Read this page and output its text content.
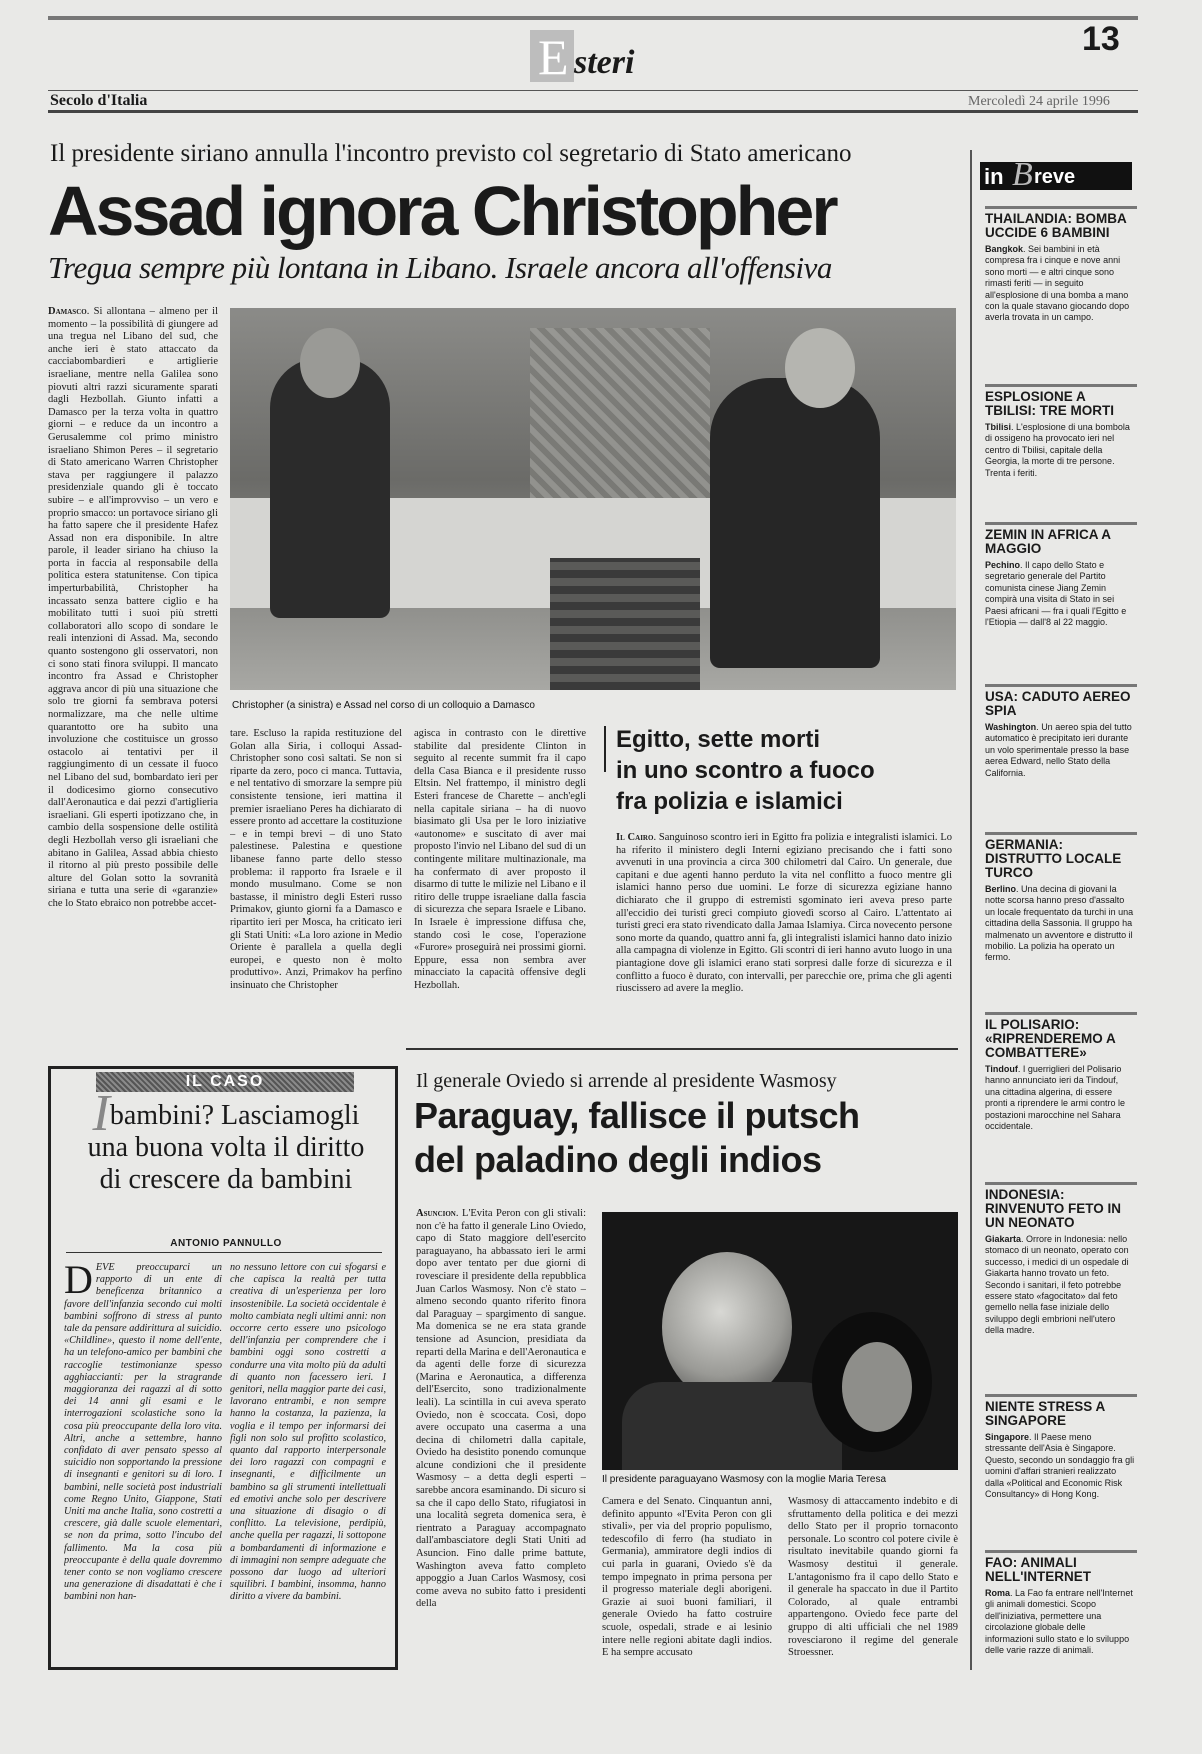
E steri
13
Secolo d'Italia	Mercoledì 24 aprile 1996
Il presidente siriano annulla l'incontro previsto col segretario di Stato americano
Assad ignora Christopher
Tregua sempre più lontana in Libano. Israele ancora all'offensiva
Damasco. Si allontana – almeno per il momento – la possibilità di giungere ad una tregua nel Libano del sud, che anche ieri è stato attaccato da cacciabombardieri e artiglierie israeliane, mentre nella Galilea sono piovuti altri razzi sicuramente sparati dagli Hezbollah. Giunto infatti a Damasco per la terza volta in quattro giorni – e reduce da un incontro a Gerusalemme col primo ministro israeliano Shimon Peres – il segretario di Stato americano Warren Christopher stava per raggiungere il palazzo presidenziale quando gli è toccato subire – e all'improvviso – un vero e proprio smacco: un portavoce siriano gli ha fatto sapere che il presidente Hafez Assad non era disponibile. In altre parole, il leader siriano ha chiuso la porta in faccia al responsabile della politica estera statunitense. Con tipica imperturbabilità, Christopher ha incassato senza battere ciglio e ha mobilitato tutti i suoi più stretti collaboratori allo scopo di sondare le reali intenzioni di Assad. Ma, secondo quanto sostengono gli osservatori, non ci sono stati finora sviluppi. Il mancato incontro fra Assad e Christopher aggrava ancor di più una situazione che solo tre giorni fa sembrava potersi normalizzare, ma che nelle ultime quarantotto ore ha subìto una involuzione che costituisce un grosso ostacolo ai tentativi per il raggiungimento di un cessate il fuoco nel Libano del sud, bombardato ieri per il dodicesimo giorno consecutivo dall'Aeronautica e dai pezzi d'artiglieria israeliani. Gli esperti ipotizzano che, in cambio della sospensione delle ostilità degli Hezbollah verso gli israeliani che abitano in Galilea, Assad abbia chiesto il ritorno al più presto possibile delle alture del Golan sotto la sovranità siriana e tutta una serie di «garanzie» che lo Stato ebraico non potrebbe accet-
Christopher (a sinistra) e Assad nel corso di un colloquio a Damasco
tare. Escluso la rapida restituzione del Golan alla Siria, i colloqui Assad-Christopher sono così saltati. Se non si riparte da zero, poco ci manca. Tuttavia, e nel tentativo di smorzare la sempre più consistente tensione, ieri mattina il premier israeliano Peres ha dichiarato di essere pronto ad accettare la costituzione – e in tempi brevi – di uno Stato palestinese. Palestina e questione libanese fanno parte dello stesso problema: il rapporto fra Israele e il mondo musulmano. Come se non bastasse, il ministro degli Esteri russo Primakov, giunto giorni fa a Damasco e ripartito ieri per Mosca, ha criticato ieri gli Stati Uniti: «La loro azione in Medio Oriente è parallela a quella degli europei, e questo non è molto produttivo». Anzi, Primakov ha perfino insinuato che Christopher
agisca in contrasto con le direttive stabilite dal presidente Clinton in seguito al recente summit fra il capo della Casa Bianca e il presidente russo Eltsin. Nel frattempo, il ministro degli Esteri francese de Charette – anch'egli nella capitale siriana – ha di nuovo biasimato gli Usa per le loro iniziative «autonome» e suscitato di aver mai proposto l'invio nel Libano del sud di un contingente militare multinazionale, ma ha confermato di aver proposto il disarmo di tutte le milizie nel Libano e il ritiro delle truppe israeliane dalla fascia di sicurezza che separa Israele e Libano. In Israele è impressione diffusa che, stando così le cose, l'operazione «Furore» proseguirà nei prossimi giorni. Eppure, essa non sembra aver minacciato la capacità offensive degli Hezbollah.
Egitto, sette morti
in uno scontro a fuoco
fra polizia e islamici
Il Cairo. Sanguinoso scontro ieri in Egitto fra polizia e integralisti islamici. Lo ha riferito il ministero degli Interni egiziano precisando che i fatti sono avvenuti in una provincia a circa 300 chilometri dal Cairo. Un generale, due capitani e due agenti hanno perduto la vita nel conflitto a fuoco mentre gli islamici hanno perso due uomini. Le forze di sicurezza egiziane hanno dichiarato che il gruppo di estremisti sgominato ieri aveva preso parte all'eccidio dei turisti greci compiuto giovedì scorso al Cairo. L'attentato ai turisti greci era stato rivendicato dalla Jamaa Islamiya. Circa novecento persone sono morte da quando, quattro anni fa, gli integralisti islamici hanno dato inizio alla campagna di violenze in Egitto. Gli scontri di ieri hanno avuto luogo in una piantagione dove gli islamici erano stati sorpresi dalle forze di sicurezza e il conflitto a fuoco è durato, con intervalli, per parecchie ore, prima che gli agenti riuscissero ad avere la meglio.
IL CASO
Ibambini? Lasciamogli
una buona volta il diritto
di crescere da bambini
ANTONIO PANNULLO
DEVE preoccuparci un rapporto di un ente di beneficenza britannico a favore dell'infanzia secondo cui molti bambini soffrono di stress al punto tale da pensare addirittura al suicidio. «Childline», questo il nome dell'ente, ha un telefono-amico per bambini che raccoglie testimonianze spesso agghiaccianti: per la stragrande maggioranza dei ragazzi al di sotto dei 14 anni gli esami e le interrogazioni scolastiche sono la cosa più preoccupante della loro vita. Altri, anche a settembre, hanno confidato di aver pensato spesso al suicidio non sopportando la pressione di insegnanti e genitori su di loro. I bambini, nelle società post industriali come Regno Unito, Giappone, Stati Uniti ma anche Italia, sono costretti a crescere, già dalle scuole elementari, se non da prima, sotto l'incubo del fallimento. Ma la cosa più preoccupante è della quale dovremmo tener conto se non vogliamo crescere una generazione di disadattati è che i bambini non han-
no nessuno lettore con cui sfogarsi e che capisca la realtà per tutta creativa di un'esperienza per loro insostenibile. La società occidentale è molto cambiata negli ultimi anni: non occorre certo essere uno psicologo dell'infanzia per comprendere che i bambini oggi sono costretti a condurre una vita molto più da adulti di quanto non facessero ieri. I genitori, nella maggior parte dei casi, lavorano entrambi, e non sempre hanno la costanza, la pazienza, la voglia e il tempo per informarsi dei figli non solo sul profitto scolastico, quanto dal rapporto interpersonale dei loro ragazzi con compagni e insegnanti, e difficilmente un bambino sa gli strumenti intellettuali ed emotivi anche solo per descrivere una situazione di disagio o di conflitto. La televisione, perdipiù, anche quella per ragazzi, li sottopone a bombardamenti di informazione e di immagini non sempre adeguate che possono dar luogo ad ulteriori squilibri. I bambini, insomma, hanno diritto a vivere da bambini.
Il generale Oviedo si arrende al presidente Wasmosy
Paraguay, fallisce il putsch
del paladino degli indios
Asuncion. L'Evita Peron con gli stivali: non c'è ha fatto il generale Lino Oviedo, capo di Stato maggiore dell'esercito paraguayano, ha abbassato ieri le armi dopo aver tentato per due giorni di rovesciare il presidente della repubblica Juan Carlos Wasmosy. Non c'è stato – almeno secondo quanto riferito finora dal Paraguay – spargimento di sangue. Ma domenica se ne era stata grande tensione ad Asuncion, presidiata da reparti della Marina e dell'Aeronautica e da agenti delle forze di sicurezza (Marina e Aeronautica, a differenza dell'Esercito, sono tradizionalmente leali). La scintilla in cui aveva sperato Oviedo, non è scoccata. Così, dopo avere occupato una caserma a una decina di chilometri dalla capitale, Oviedo ha desistito ponendo comunque alcune condizioni che il presidente Wasmosy – a detta degli esperti – sarebbe ancora esaminando. Di sicuro si sa che il capo dello Stato, rifugiatosi in una località segreta domenica sera, è rientrato a Paraguay accompagnato dall'ambasciatore degli Stati Uniti ad Asuncion. Fino dalle prime battute, Washington aveva fatto completo appoggio a Juan Carlos Wasmosy, così come aveva no subito fatto i presidenti della
Il presidente paraguayano Wasmosy con la moglie Maria Teresa
Camera e del Senato. Cinquantun anni, definito appunto «l'Evita Peron con gli stivali», per via del proprio populismo, tedescofilo di ferro (ha studiato in Germania), ammiratore degli indios di cui parla in guarani, Oviedo s'è da tempo impegnato in prima persona per il progresso materiale degli aborigeni. Grazie ai suoi buoni familiari, il generale Oviedo ha fatto costruire scuole, ospedali, strade e ai lesinio intere nelle regioni abitate dagli indios. E ha sempre accusato
Wasmosy di attaccamento indebito e di sfruttamento della politica e dei mezzi dello Stato per il proprio tornaconto personale. Lo scontro col potere civile è risultato inevitabile quando giorni fa Wasmosy destituì il generale. L'antagonismo fra il capo dello Stato e il generale ha spaccato in due il Partito Colorado, al quale entrambi appartengono. Oviedo fece parte del gruppo di alti ufficiali che nel 1989 rovesciarono il regime del generale Stroessner.
in B reve

THAILANDIA: BOMBA UCCIDE 6 BAMBINI

Bangkok. Sei bambini in età compresa fra i cinque e nove anni sono morti — e altri cinque sono rimasti feriti — in seguito all'esplosione di una bomba a mano con la quale stavano giocando dopo averla trovata in un campo.

ESPLOSIONE A TBILISI: TRE MORTI

Tbilisi. L'esplosione di una bombola di ossigeno ha provocato ieri nel centro di Tbilisi, capitale della Georgia, la morte di tre persone. Trenta i feriti.

ZEMIN IN AFRICA A MAGGIO

Pechino. Il capo dello Stato e segretario generale del Partito comunista cinese Jiang Zemin compirà una visita di Stato in sei Paesi africani — fra i quali l'Egitto e l'Etiopia — dall'8 al 22 maggio.

USA: CADUTO AEREO SPIA

Washington. Un aereo spia del tutto automatico è precipitato ieri durante un volo sperimentale presso la base aerea Edward, nello Stato della California.

GERMANIA: DISTRUTTO LOCALE TURCO

Berlino. Una decina di giovani la notte scorsa hanno preso d'assalto un locale frequentato da turchi in una cittadina della Sassonia. Il gruppo ha malmenato un avventore e distrutto il mobilio. La polizia ha operato un fermo.

IL POLISARIO: «RIPRENDEREMO A COMBATTERE»

Tindouf. I guerriglieri del Polisario hanno annunciato ieri da Tindouf, una cittadina algerina, di essere pronti a riprendere le armi contro le postazioni marocchine nel Sahara occidentale.

INDONESIA: RINVENUTO FETO IN UN NEONATO

Giakarta. Orrore in Indonesia: nello stomaco di un neonato, operato con successo, i medici di un ospedale di Giakarta hanno trovato un feto. Secondo i sanitari, il feto potrebbe essere stato «fagocitato» dal feto gemello nella fase iniziale dello sviluppo degli embrioni nell'utero della madre.

NIENTE STRESS A SINGAPORE

Singapore. Il Paese meno stressante dell'Asia è Singapore. Questo, secondo un sondaggio fra gli uomini d'affari stranieri realizzato dalla «Political and Economic Risk Consultancy» di Hong Kong.

FAO: ANIMALI NELL'INTERNET

Roma. La Fao fa entrare nell'Internet gli animali domestici. Scopo dell'iniziativa, permettere una circolazione globale delle informazioni sullo stato e lo sviluppo delle varie razze di animali.
